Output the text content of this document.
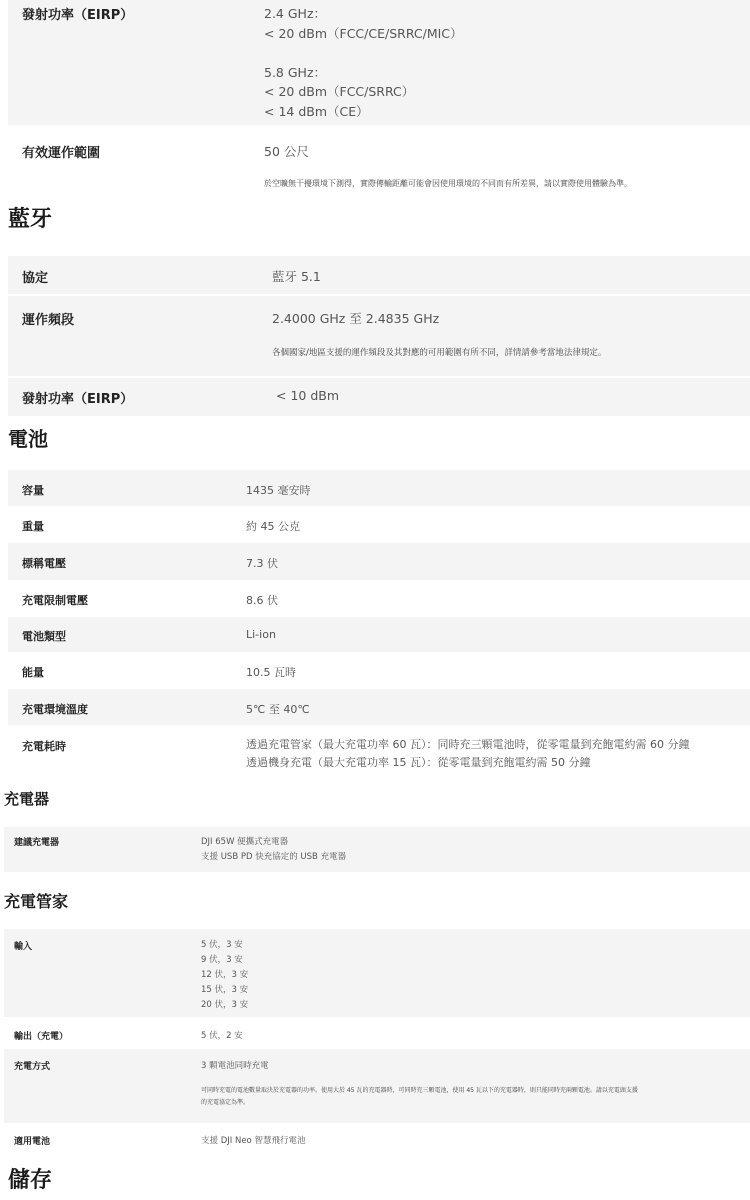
發射功率（EIRP）	2.4 GHz：
< 20 dBm（FCC/CE/SRRC/MIC）
5.8 GHz：
< 20 dBm（FCC/SRRC）
< 14 dBm（CE）
有效運作範圍	50 公尺
於空曠無干擾環境下測得，實際傳輸距離可能會因使用環境的不同而有所差異，請以實際使用體驗為準。
藍牙
協定	藍牙 5.1
運作頻段	2.4000 GHz 至 2.4835 GHz
各個國家/地區支援的運作頻段及其對應的可用範圍有所不同，詳情請參考當地法律規定。
發射功率（EIRP）	< 10 dBm
電池
容量	1435 毫安時
重量	約 45 公克
標稱電壓	7.3 伏
充電限制電壓	8.6 伏
電池類型	Li-ion
能量	10.5 瓦時
充電環境溫度	5℃ 至 40℃
充電耗時	透過充電管家（最大充電功率 60 瓦）：同時充三顆電池時，從零電量到充飽電約需 60 分鐘
透過機身充電（最大充電功率 15 瓦）：從零電量到充飽電約需 50 分鐘
充電器
建議充電器	DJI 65W 便攜式充電器
支援 USB PD 快充協定的 USB 充電器
充電管家
輸入	5 伏，3 安
9 伏，3 安
12 伏，3 安
15 伏，3 安
20 伏，3 安
輸出（充電）	5 伏，2 安
充電方式	3 顆電池同時充電
可同時充電的電池數量取決於充電器的功率。使用大於 45 瓦的充電器時，可同時充三顆電池，使用 45 瓦以下的充電器時，則只能同時充兩顆電池。請以充電頭支援
的充電協定為準。
適用電池	支援 DJI Neo 智慧飛行電池
儲存
